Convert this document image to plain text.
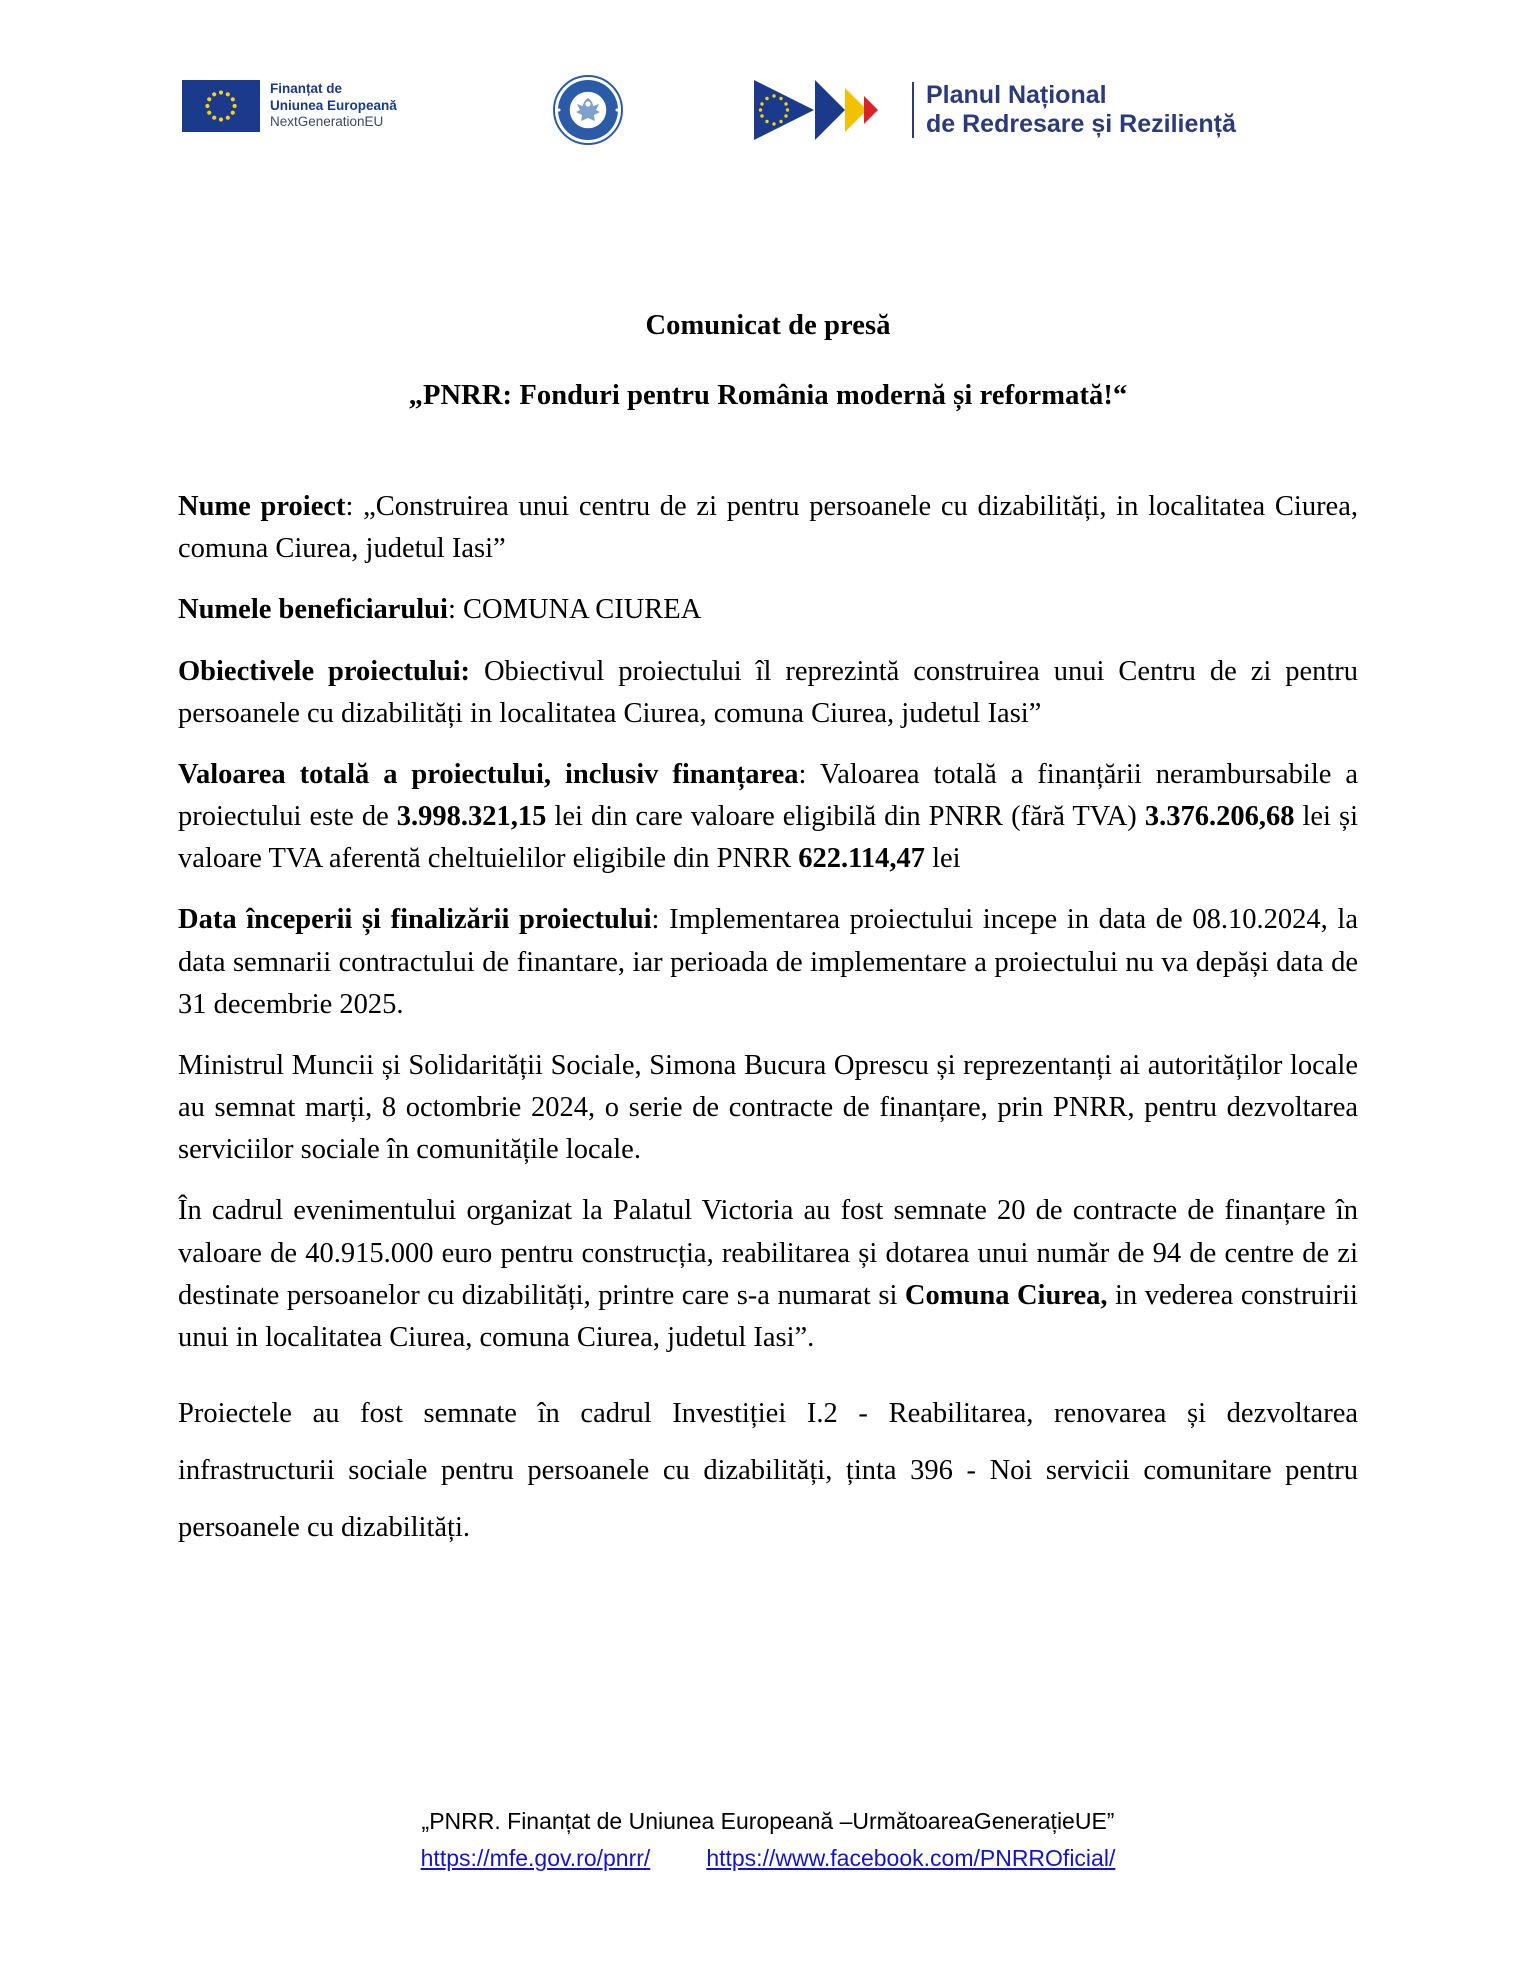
Finanțat de
Uniunea Europeană
NextGenerationEU
Planul Național
de Redresare și Reziliență
Comunicat de presă
„PNRR: Fonduri pentru România modernă și reformată!“

Nume proiect: „Construirea unui centru de zi pentru persoanele cu dizabilități, in localitatea Ciurea, comuna Ciurea, judetul Iasi”

Numele beneficiarului: COMUNA CIUREA

Obiectivele proiectului: Obiectivul proiectului îl reprezintă construirea unui Centru de zi pentru persoanele cu dizabilități in localitatea Ciurea, comuna Ciurea, judetul Iasi”

Valoarea totală a proiectului, inclusiv finanțarea: Valoarea totală a finanțării nerambursabile a proiectului este de 3.998.321,15 lei din care valoare eligibilă din PNRR (fără TVA) 3.376.206,68 lei și valoare TVA aferentă cheltuielilor eligibile din PNRR 622.114,47 lei

Data începerii și finalizării proiectului: Implementarea proiectului incepe in data de 08.10.2024, la data semnarii contractului de finantare, iar perioada de implementare a proiectului nu va depăși data de 31 decembrie 2025.

Ministrul Muncii și Solidarității Sociale, Simona Bucura Oprescu și reprezentanți ai autorităților locale au semnat marți, 8 octombrie 2024, o serie de contracte de finanțare, prin PNRR, pentru dezvoltarea serviciilor sociale în comunitățile locale.

În cadrul evenimentului organizat la Palatul Victoria au fost semnate 20 de contracte de finanțare în valoare de 40.915.000 euro pentru construcția, reabilitarea și dotarea unui număr de 94 de centre de zi destinate persoanelor cu dizabilități, printre care s-a numarat si Comuna Ciurea, in vederea construirii unui in localitatea Ciurea, comuna Ciurea, judetul Iasi”.

Proiectele au fost semnate în cadrul Investiției I.2 - Reabilitarea, renovarea și dezvoltarea infrastructurii sociale pentru persoanele cu dizabilități, ținta 396 - Noi servicii comunitare pentru persoanele cu dizabilități.

„PNRR. Finanțat de Uniunea Europeană –UrmătoareaGenerațieUE”
https://mfe.gov.ro/pnrr/ https://www.facebook.com/PNRROficial/
